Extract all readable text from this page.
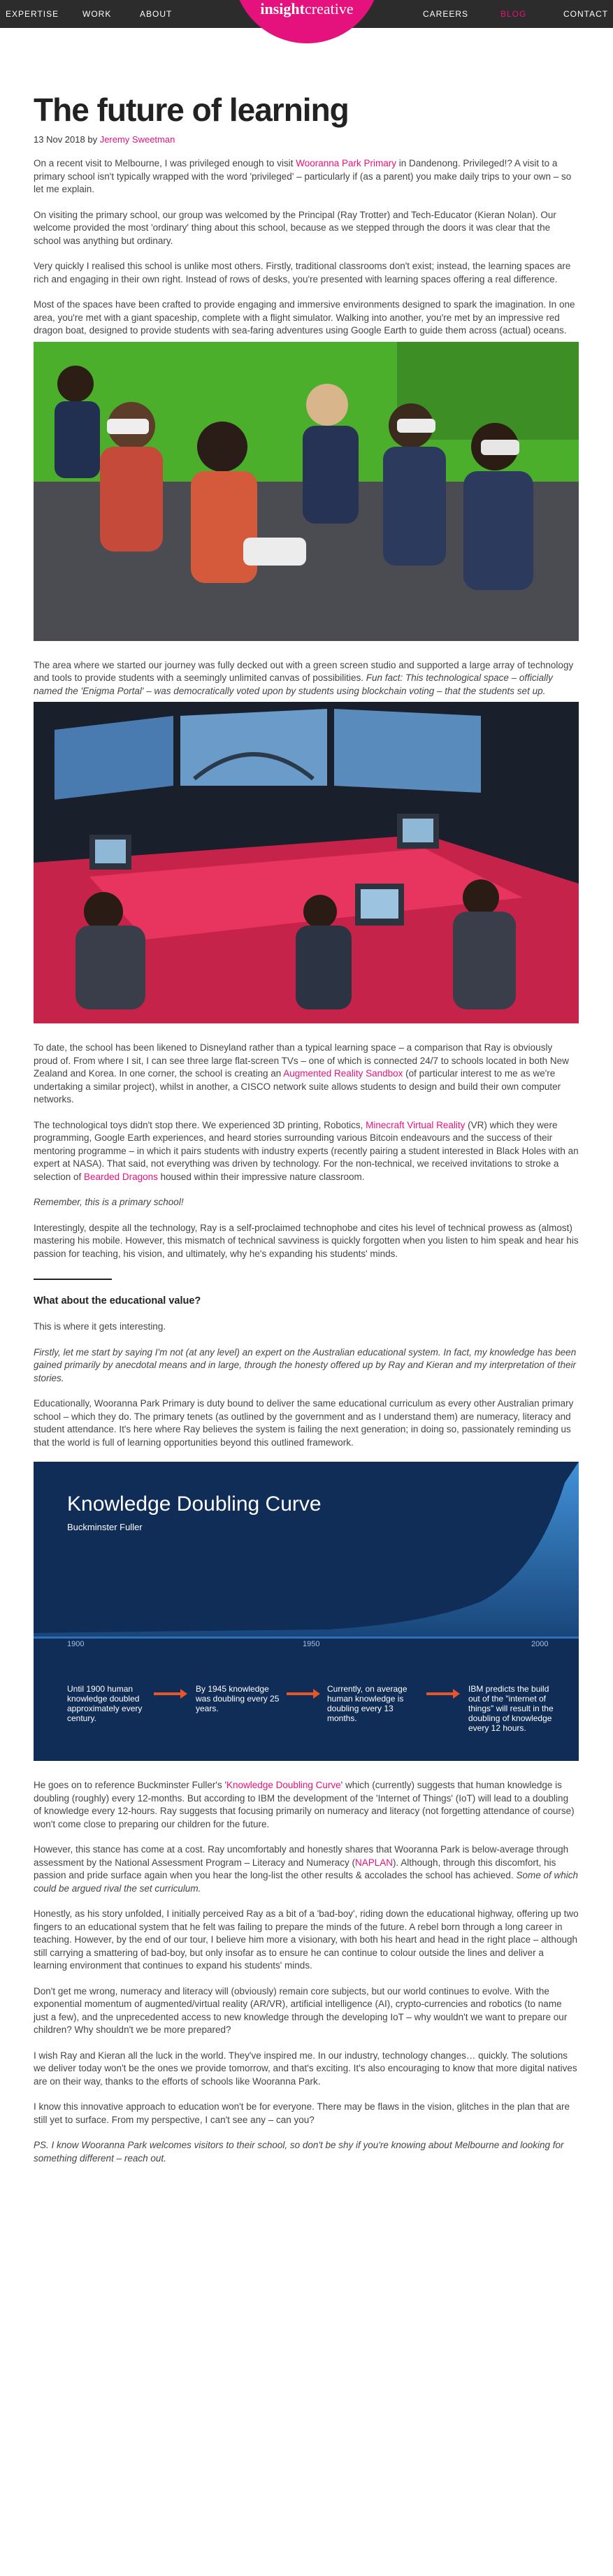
EXPERTISE	WORK	ABOUT	CAREERS	BLOG	CONTACT
insightcreative
The future of learning
13 Nov 2018 by Jeremy Sweetman

On a recent visit to Melbourne, I was privileged enough to visit Wooranna Park Primary in Dandenong. Privileged!? A visit to a primary school isn't typically wrapped with the word 'privileged' – particularly if (as a parent) you make daily trips to your own – so let me explain.

On visiting the primary school, our group was welcomed by the Principal (Ray Trotter) and Tech-Educator (Kieran Nolan). Our welcome provided the most 'ordinary' thing about this school, because as we stepped through the doors it was clear that the school was anything but ordinary.

Very quickly I realised this school is unlike most others. Firstly, traditional classrooms don't exist; instead, the learning spaces are rich and engaging in their own right. Instead of rows of desks, you're presented with learning spaces offering a real difference.

Most of the spaces have been crafted to provide engaging and immersive environments designed to spark the imagination. In one area, you're met with a giant spaceship, complete with a flight simulator. Walking into another, you're met by an impressive red dragon boat, designed to provide students with sea-faring adventures using Google Earth to guide them across (actual) oceans.

The area where we started our journey was fully decked out with a green screen studio and supported a large array of technology and tools to provide students with a seemingly unlimited canvas of possibilities. Fun fact: This technological space – officially named the 'Enigma Portal' – was democratically voted upon by students using blockchain voting – that the students set up.

To date, the school has been likened to Disneyland rather than a typical learning space – a comparison that Ray is obviously proud of. From where I sit, I can see three large flat-screen TVs – one of which is connected 24/7 to schools located in both New Zealand and Korea. In one corner, the school is creating an Augmented Reality Sandbox (of particular interest to me as we're undertaking a similar project), whilst in another, a CISCO network suite allows students to design and build their own computer networks.

The technological toys didn't stop there. We experienced 3D printing, Robotics, Minecraft Virtual Reality (VR) which they were programming, Google Earth experiences, and heard stories surrounding various Bitcoin endeavours and the success of their mentoring programme – in which it pairs students with industry experts (recently pairing a student interested in Black Holes with an expert at NASA). That said, not everything was driven by technology. For the non-technical, we received invitations to stroke a selection of Bearded Dragons housed within their impressive nature classroom.

Remember, this is a primary school!

Interestingly, despite all the technology, Ray is a self-proclaimed technophobe and cites his level of technical prowess as (almost) mastering his mobile. However, this mismatch of technical savviness is quickly forgotten when you listen to him speak and hear his passion for teaching, his vision, and ultimately, why he's expanding his students' minds.

What about the educational value?

This is where it gets interesting.

Firstly, let me start by saying I'm not (at any level) an expert on the Australian educational system. In fact, my knowledge has been gained primarily by anecdotal means and in large, through the honesty offered up by Ray and Kieran and my interpretation of their stories.

Educationally, Wooranna Park Primary is duty bound to deliver the same educational curriculum as every other Australian primary school – which they do. The primary tenets (as outlined by the government and as I understand them) are numeracy, literacy and student attendance. It's here where Ray believes the system is failing the next generation; in doing so, passionately reminding us that the world is full of learning opportunities beyond this outlined framework.

Knowledge Doubling Curve
Buckminster Fuller
1900	1950	2000
Until 1900 human knowledge doubled approximately every century.
By 1945 knowledge was doubling every 25 years.
Currently, on average human knowledge is doubling every 13 months.
IBM predicts the build out of the "internet of things" will result in the doubling of knowledge every 12 hours.

He goes on to reference Buckminster Fuller's 'Knowledge Doubling Curve' which (currently) suggests that human knowledge is doubling (roughly) every 12-months. But according to IBM the development of the 'Internet of Things' (IoT) will lead to a doubling of knowledge every 12-hours. Ray suggests that focusing primarily on numeracy and literacy (not forgetting attendance of course) won't come close to preparing our children for the future.

However, this stance has come at a cost. Ray uncomfortably and honestly shares that Wooranna Park is below-average through assessment by the National Assessment Program – Literacy and Numeracy (NAPLAN). Although, through this discomfort, his passion and pride surface again when you hear the long-list the other results & accolades the school has achieved. Some of which could be argued rival the set curriculum.

Honestly, as his story unfolded, I initially perceived Ray as a bit of a 'bad-boy', riding down the educational highway, offering up two fingers to an educational system that he felt was failing to prepare the minds of the future. A rebel born through a long career in teaching. However, by the end of our tour, I believe him more a visionary, with both his heart and head in the right place – although still carrying a smattering of bad-boy, but only insofar as to ensure he can continue to colour outside the lines and deliver a learning environment that continues to expand his students' minds.

Don't get me wrong, numeracy and literacy will (obviously) remain core subjects, but our world continues to evolve. With the exponential momentum of augmented/virtual reality (AR/VR), artificial intelligence (AI), crypto-currencies and robotics (to name just a few), and the unprecedented access to new knowledge through the developing IoT – why wouldn't we want to prepare our children? Why shouldn't we be more prepared?

I wish Ray and Kieran all the luck in the world. They've inspired me. In our industry, technology changes… quickly. The solutions we deliver today won't be the ones we provide tomorrow, and that's exciting. It's also encouraging to know that more digital natives are on their way, thanks to the efforts of schools like Wooranna Park.

I know this innovative approach to education won't be for everyone. There may be flaws in the vision, glitches in the plan that are still yet to surface. From my perspective, I can't see any – can you?

PS. I know Wooranna Park welcomes visitors to their school, so don't be shy if you're knowing about Melbourne and looking for something different – reach out.
